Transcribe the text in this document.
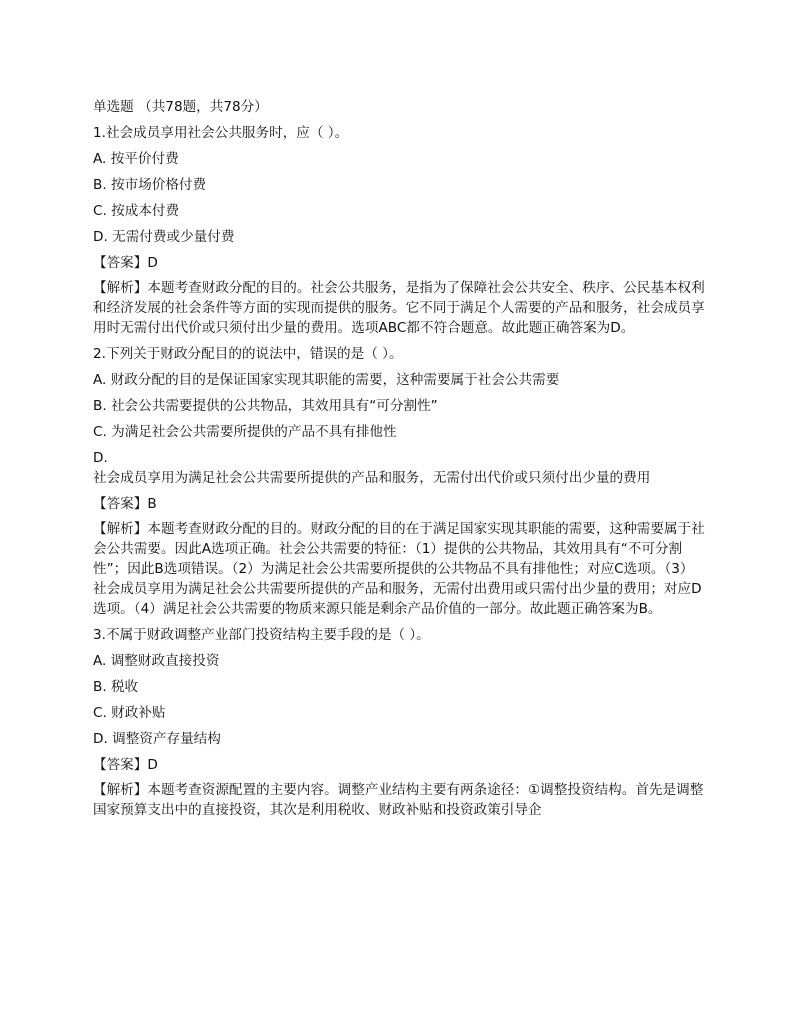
单选题 （共78题，共78分）
1.社会成员享用社会公共服务时，应（ ）。
A. 按平价付费
B. 按市场价格付费
C. 按成本付费
D. 无需付费或少量付费
【答案】D
【解析】本题考查财政分配的目的。社会公共服务，是指为了保障社会公共安全、秩序、公民基本权利和经济发展的社会条件等方面的实现而提供的服务。它不同于满足个人需要的产品和服务，社会成员享用时无需付出代价或只须付出少量的费用。选项ABC都不符合题意。故此题正确答案为D。
2.下列关于财政分配目的的说法中，错误的是（ ）。
A. 财政分配的目的是保证国家实现其职能的需要，这种需要属于社会公共需要
B. 社会公共需要提供的公共物品，其效用具有“可分割性”
C. 为满足社会公共需要所提供的产品不具有排他性
D.
社会成员享用为满足社会公共需要所提供的产品和服务，无需付出代价或只须付出少量的费用
【答案】B
【解析】本题考查财政分配的目的。财政分配的目的在于满足国家实现其职能的需要，这种需要属于社会公共需要。因此A选项正确。社会公共需要的特征：（1）提供的公共物品，其效用具有“不可分割性”；因此B选项错误。（2）为满足社会公共需要所提供的公共物品不具有排他性；对应C选项。（3）社会成员享用为满足社会公共需要所提供的产品和服务，无需付出费用或只需付出少量的费用；对应D选项。（4）满足社会公共需要的物质来源只能是剩余产品价值的一部分。故此题正确答案为B。
3.不属于财政调整产业部门投资结构主要手段的是（ ）。
A. 调整财政直接投资
B. 税收
C. 财政补贴
D. 调整资产存量结构
【答案】D
【解析】本题考查资源配置的主要内容。调整产业结构主要有两条途径：①调整投资结构。首先是调整国家预算支出中的直接投资，其次是利用税收、财政补贴和投资政策引导企
